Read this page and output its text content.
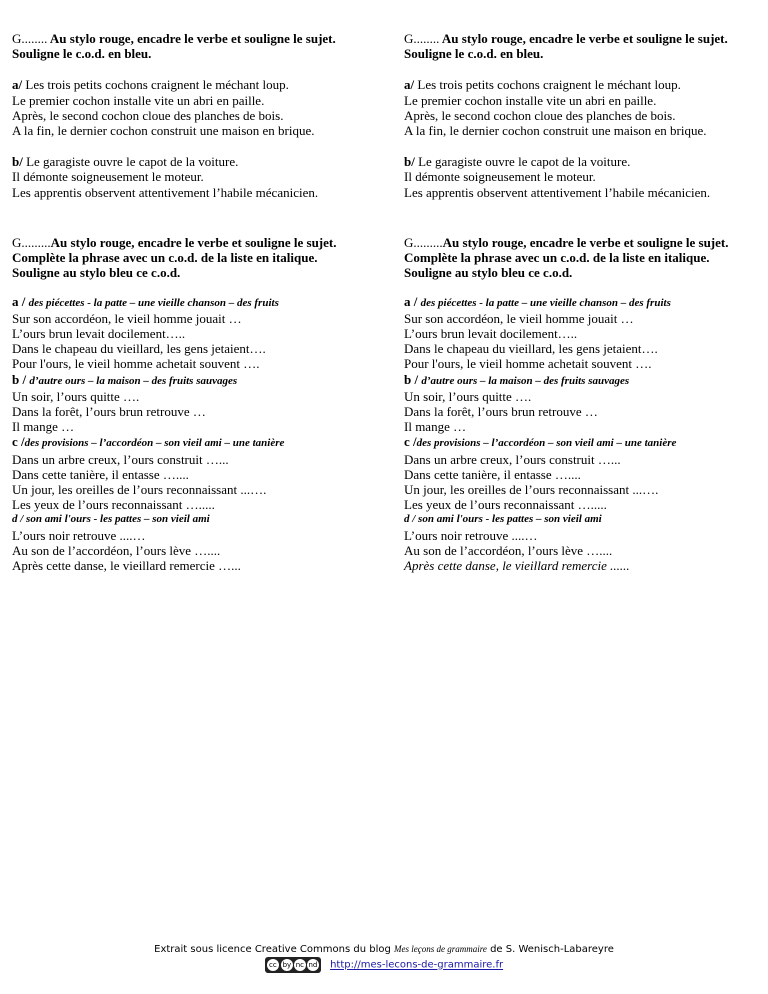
G........ Au stylo rouge, encadre le verbe et souligne le sujet.
Souligne le c.o.d. en bleu.
a/ Les trois petits cochons craignent le méchant loup.
Le premier cochon installe vite un abri en paille.
Après, le second cochon cloue des planches de bois.
A la fin, le dernier cochon construit une maison en brique.
b/ Le garagiste ouvre le capot de la voiture.
Il démonte soigneusement le moteur.
Les apprentis observent attentivement l’habile mécanicien.
G.........Au stylo rouge, encadre le verbe et souligne le sujet.
Complète la phrase avec un c.o.d. de la liste en italique.
Souligne au stylo bleu ce c.o.d.
a / des piécettes - la patte – une vieille chanson – des fruits
Sur son accordéon, le vieil homme jouait …
L’ours brun levait docilement…..
Dans le chapeau du vieillard, les gens jetaient….
Pour l'ours, le vieil homme achetait souvent ….
b / d’autre ours – la maison – des fruits sauvages
Un soir, l’ours quitte ….
Dans la forêt, l’ours brun retrouve …
Il mange …
c /des provisions – l’accordéon – son vieil ami – une tanière
Dans un arbre creux, l’ours construit …...
Dans cette tanière, il entasse …....
Un jour, les oreilles de l’ours reconnaissant ...….
Les yeux de l’ours reconnaissant ….....
d / son ami l'ours - les pattes – son vieil ami
L’ours noir retrouve ....…
Au son de l’accordéon, l’ours lève …....
Après cette danse, le vieillard remercie …...
G........ Au stylo rouge, encadre le verbe et souligne le sujet.
Souligne le c.o.d. en bleu.
a/ Les trois petits cochons craignent le méchant loup.
Le premier cochon installe vite un abri en paille.
Après, le second cochon cloue des planches de bois.
A la fin, le dernier cochon construit une maison en brique.
b/ Le garagiste ouvre le capot de la voiture.
Il démonte soigneusement le moteur.
Les apprentis observent attentivement l’habile mécanicien.
G.........Au stylo rouge, encadre le verbe et souligne le sujet.
Complète la phrase avec un c.o.d. de la liste en italique.
Souligne au stylo bleu ce c.o.d.
a / des piécettes - la patte – une vieille chanson – des fruits
Sur son accordéon, le vieil homme jouait …
L’ours brun levait docilement…..
Dans le chapeau du vieillard, les gens jetaient….
Pour l'ours, le vieil homme achetait souvent ….
b / d’autre ours – la maison – des fruits sauvages
Un soir, l’ours quitte ….
Dans la forêt, l’ours brun retrouve …
Il mange …
c /des provisions – l’accordéon – son vieil ami – une tanière
Dans un arbre creux, l’ours construit …...
Dans cette tanière, il entasse …....
Un jour, les oreilles de l’ours reconnaissant ...….
Les yeux de l’ours reconnaissant ….....
d / son ami l'ours - les pattes – son vieil ami
L’ours noir retrouve ....…
Au son de l’accordéon, l’ours lève …....
Après cette danse, le vieillard remercie ......
Extrait sous licence Creative Commons du blog Mes leçons de grammaire de S. Wenisch-Labareyre
cc by nc nd http://mes-lecons-de-grammaire.fr
